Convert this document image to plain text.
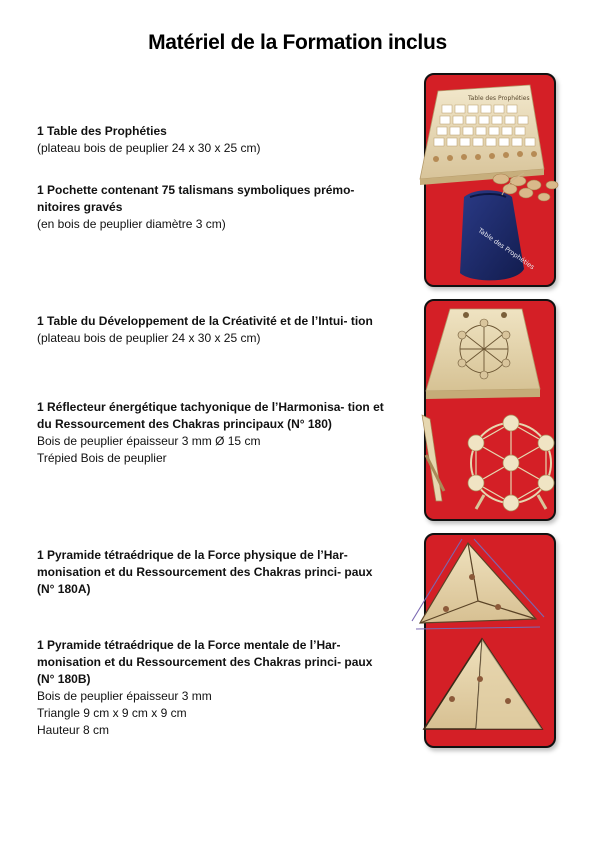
Matériel de la Formation inclus
1 Table des Prophéties
(plateau bois de peuplier 24 x 30 x 25 cm)
1 Pochette contenant 75 talismans symboliques prémo- nitoires gravés
(en bois de peuplier diamètre 3 cm)
1 Table du Développement de la Créativité et de l’Intui- tion
(plateau bois de peuplier 24 x 30 x 25 cm)
1 Réflecteur énergétique tachyonique de l’Harmonisa- tion et du Ressourcement des Chakras principaux (N° 180)
Bois de peuplier épaisseur 3 mm Ø 15 cm
Trépied Bois de peuplier
1 Pyramide tétraédrique de la Force physique de l’Har- monisation et du Ressourcement des Chakras princi- paux (N° 180A)
1 Pyramide tétraédrique de la Force mentale de l’Har- monisation et du Ressourcement des Chakras princi- paux (N° 180B)
Bois de peuplier épaisseur 3 mm
Triangle 9 cm x 9 cm x 9 cm
Hauteur 8 cm
Table des Prophéties
Table des Prophéties
